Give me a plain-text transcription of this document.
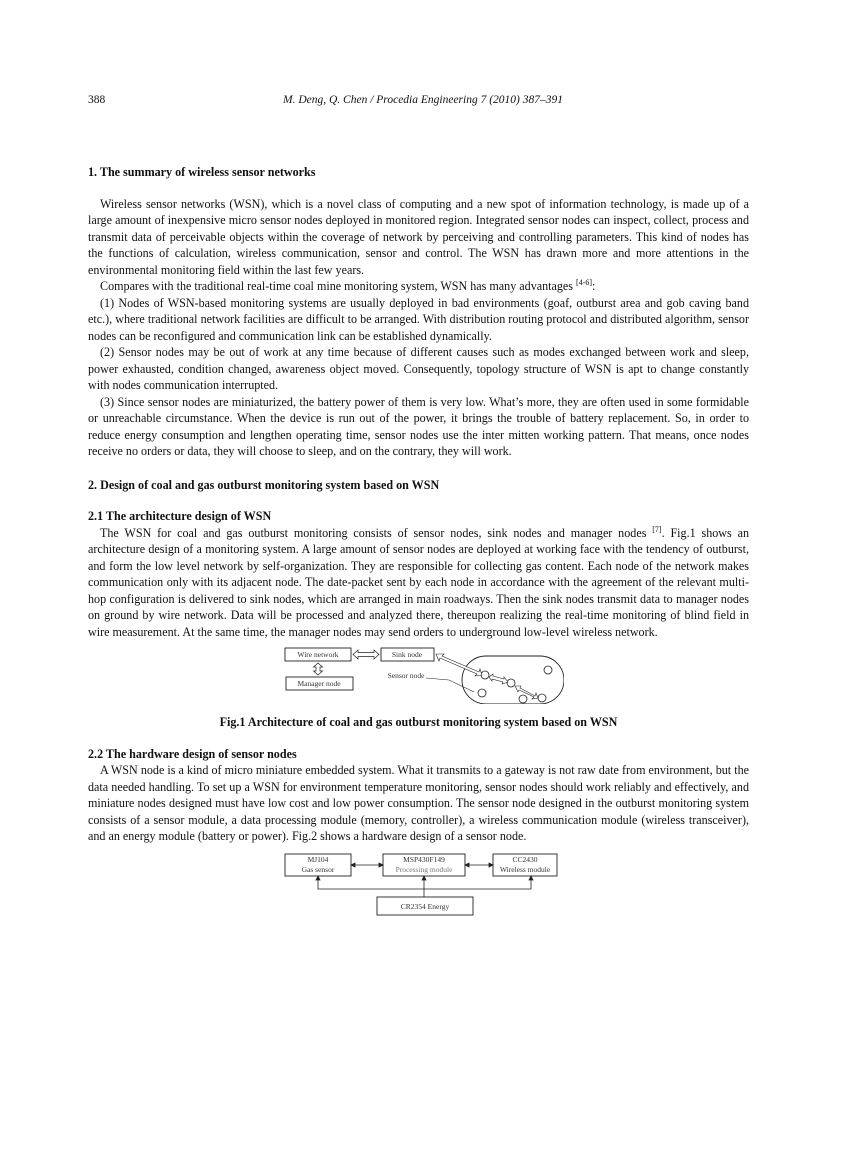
388	M. Deng, Q. Chen / Procedia Engineering 7 (2010) 387–391
1. The summary of wireless sensor networks

Wireless sensor networks (WSN), which is a novel class of computing and a new spot of information technology, is made up of a large amount of inexpensive micro sensor nodes deployed in monitored region. Integrated sensor nodes can inspect, collect, process and transmit data of perceivable objects within the coverage of network by perceiving and controlling parameters. This kind of nodes has the functions of calculation, wireless communication, sensor and control. The WSN has drawn more and more attentions in the environmental monitoring field within the last few years.

Compares with the traditional real-time coal mine monitoring system, WSN has many advantages [4-6]:

(1) Nodes of WSN-based monitoring systems are usually deployed in bad environments (goaf, outburst area and gob caving band etc.), where traditional network facilities are difficult to be arranged. With distribution routing protocol and distributed algorithm, sensor nodes can be reconfigured and communication link can be established dynamically.

(2) Sensor nodes may be out of work at any time because of different causes such as modes exchanged between work and sleep, power exhausted, condition changed, awareness object moved. Consequently, topology structure of WSN is apt to change constantly with nodes communication interrupted.

(3) Since sensor nodes are miniaturized, the battery power of them is very low. What’s more, they are often used in some formidable or unreachable circumstance. When the device is run out of the power, it brings the trouble of battery replacement. So, in order to reduce energy consumption and lengthen operating time, sensor nodes use the inter mitten working pattern. That means, once nodes receive no orders or data, they will choose to sleep, and on the contrary, they will work.

2. Design of coal and gas outburst monitoring system based on WSN
2.1 The architecture design of WSN

The WSN for coal and gas outburst monitoring consists of sensor nodes, sink nodes and manager nodes [7]. Fig.1 shows an architecture design of a monitoring system. A large amount of sensor nodes are deployed at working face with the tendency of outburst, and form the low level network by self-organization. They are responsible for collecting gas content. Each node of the network makes communication only with its adjacent node. The date-packet sent by each node in accordance with the agreement of the relevant multi-hop configuration is delivered to sink nodes, which are arranged in main roadways. Then the sink nodes transmit data to manager nodes on ground by wire network. Data will be processed and analyzed there, thereupon realizing the real-time monitoring of blind field in wire measurement. At the same time, the manager nodes may send orders to underground low-level wireless network.

Wire network	Sink node
Manager node
Sensor node
Fig.1 Architecture of coal and gas outburst monitoring system based on WSN
2.2 The hardware design of sensor nodes

A WSN node is a kind of micro miniature embedded system. What it transmits to a gateway is not raw date from environment, but the data needed handling. To set up a WSN for environment temperature monitoring, sensor nodes should work reliably and effectively, and miniature nodes designed must have low cost and low power consumption. The sensor node designed in the outburst monitoring system consists of a sensor module, a data processing module (memory, controller), a wireless communication module (wireless transceiver), and an energy module (battery or power). Fig.2 shows a hardware design of a sensor node.

MJ104
Gas sensor
MSP430F149
Processing module
CC2430
Wireless module
CR2354 Energy
